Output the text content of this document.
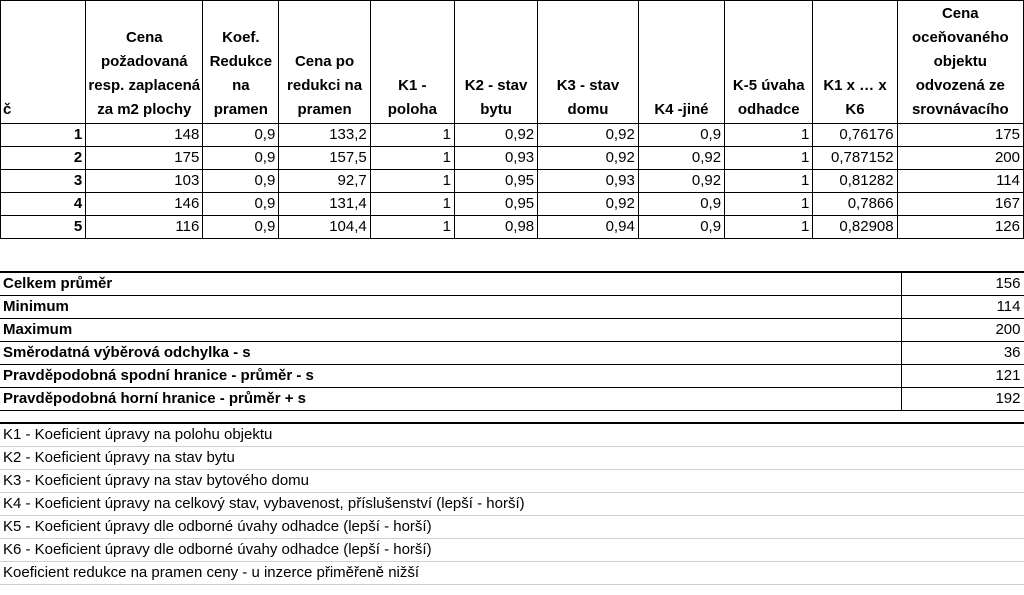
č	Cena požadovaná resp. zaplacená za m2 plochy	Koef. Redukce na pramen	Cena po redukci na pramen	K1 - poloha	K2 - stav bytu	K3 - stav domu	K4 -jiné	K-5 úvaha odhadce	K1 x … x K6	Cena oceňovaného objektu odvozená ze srovnávacího
1	148	0,9	133,2	1	0,92	0,92	0,9	1	0,76176	175
2	175	0,9	157,5	1	0,93	0,92	0,92	1	0,787152	200
3	103	0,9	92,7	1	0,95	0,93	0,92	1	0,81282	114
4	146	0,9	131,4	1	0,95	0,92	0,9	1	0,7866	167
5	116	0,9	104,4	1	0,98	0,94	0,9	1	0,82908	126
Celkem průměr	156
Minimum	114
Maximum	200
Směrodatná výběrová odchylka - s	36
Pravděpodobná spodní hranice - průměr - s	121
Pravděpodobná horní hranice - průměr + s	192
K1 - Koeficient úpravy na polohu objektu
K2 - Koeficient úpravy na stav bytu
K3 - Koeficient úpravy na stav bytového domu
K4 - Koeficient úpravy na celkový stav, vybavenost, příslušenství (lepší - horší)
K5 - Koeficient úpravy dle odborné úvahy odhadce (lepší - horší)
K6 - Koeficient úpravy dle odborné úvahy odhadce (lepší - horší)
Koeficient redukce na pramen ceny - u inzerce přiměřeně nižší
